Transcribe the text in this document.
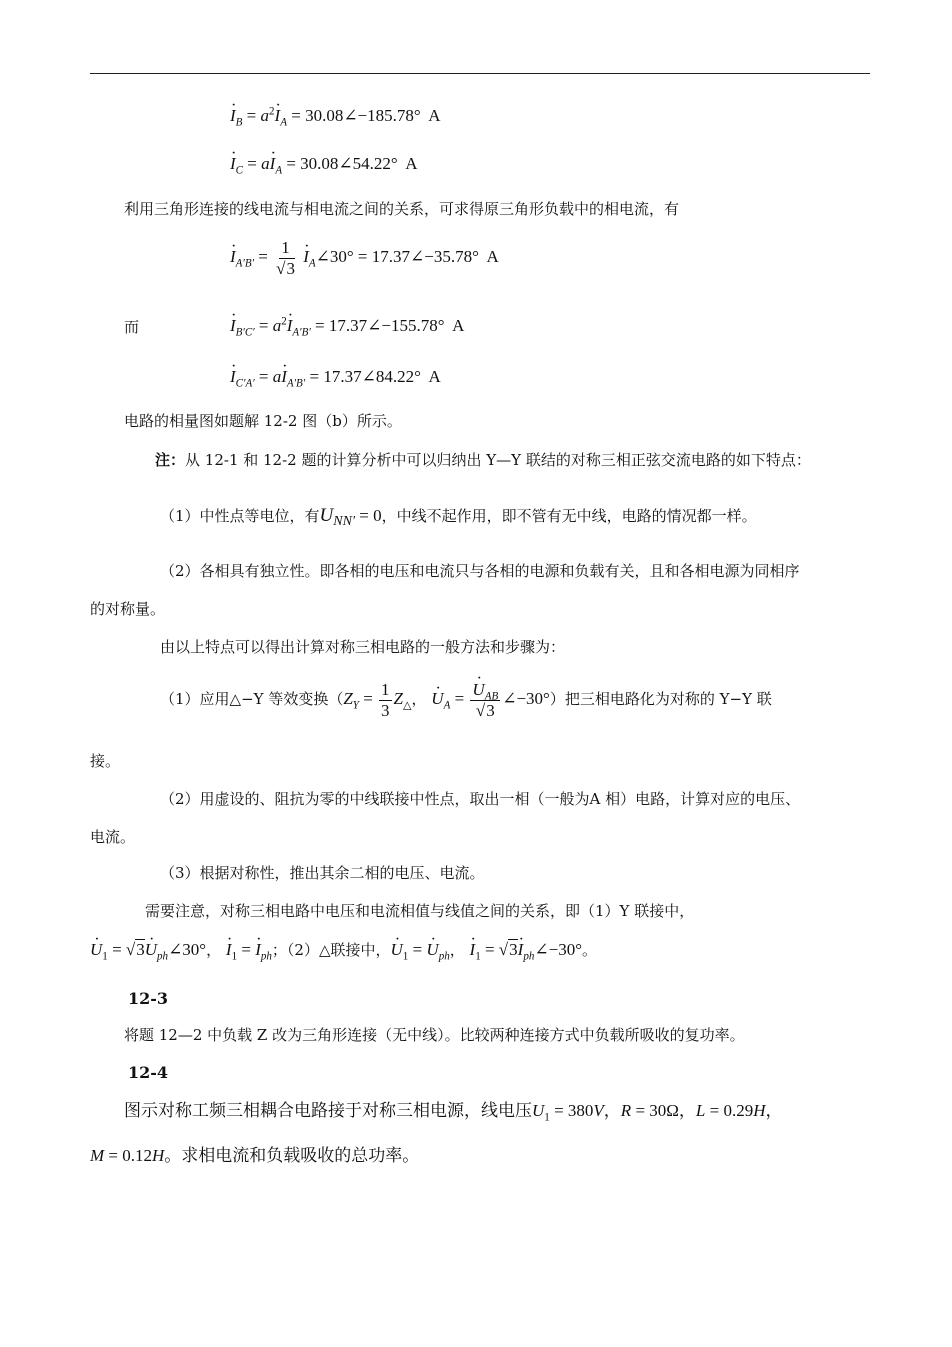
· $I_B = a^2\cdot I_A$ = 30.08∠−185.78° A
· $I_C = a\cdot I_A$ = 30.08∠54.22° A
利用三角形连接的线电流与相电流之间的关系，可求得原三角形负载中的相电流，有
· $I_{A'B'} = \frac{1}{√3}$ · $I_A\angle 30^\circ$ = 17.37∠−35.78° A
而	· $I_{B'C'} = a^2\cdot I_{A'B'}$ = 17.37∠−155.78° A
· $I_{C'A'} = a\cdot I_{A'B'}$ = 17.37∠84.22° A
电路的相量图如题解 12-2 图（b）所示。
注：从 12-1 和 12-2 题的计算分析中可以归纳出 Y—Y 联结的对称三相正弦交流电路的如下特点：
（1）中性点等电位，有$U_{NN'} = 0$，中线不起作用，即不管有无中线，电路的情况都一样。
（2）各相具有独立性。即各相的电压和电流只与各相的电源和负载有关，且和各相电源为同相序
的对称量。
由以上特点可以得出计算对称三相电路的一般方法和步骤为：
（1）应用△−Y 等效变换（$Z_Y = \frac{1}{3} Z_\triangle$， · $U_A$ = · $\frac{U_{AB}}{√3}$ ∠−30°）把三相电路化为对称的 Y−Y 联
接。
（2）用虚设的、阻抗为零的中线联接中性点，取出一相（一般为A 相）电路，计算对应的电压、
电流。
（3）根据对称性，推出其余二相的电压、电流。
需要注意，对称三相电路中电压和电流相值与线值之间的关系，即（1）Y 联接中，
· $U_1 = √3\cdot$ $U_{ph}\angle 30^\circ$， · $I_1$ = · $I_{ph}$；（2）△联接中，· $U_1$ = · $U_{ph}$， · $I_1 = √3\cdot$ $I_{ph}\angle-30^\circ$。
12-3
将题 12—2 中负载 Z 改为三角形连接（无中线）。比较两种连接方式中负载所吸收的复功率。
12-4
图示对称工频三相耦合电路接于对称三相电源，线电压$U_1 = 380V$，R = 30Ω，L = 0.29H，
M = 0.12H。求相电流和负载吸收的总功率。
